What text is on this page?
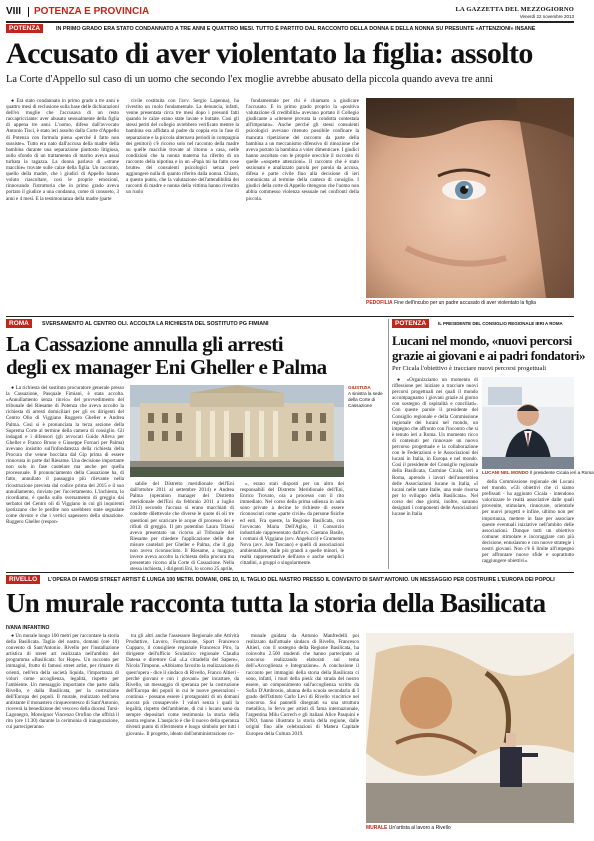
VIII POTENZA E PROVINCIA	LA GAZZETTA DEL MEZZOGIORNO
Venerdì 22 novembre 2013
POTENZA	IN PRIMO GRADO ERA STATO CONDANNATO A TRE ANNI E QUATTRO MESI. TUTTO È PARTITO DAL RACCONTO DELLA DONNA E DELLA NONNA SU PRESUNTE «ATTENZIONI» INSANE
Accusato di aver violentato la figlia: assolto
La Corte d'Appello sul caso di un uomo che secondo l'ex moglie avrebbe abusato della piccola quando aveva tre anni

● Era stato condannato in primo grado a tre anni e quattro mesi di reclusione sulla base delle dichiarazioni dell'ex moglie che l'accusava di un resto raccapricciante: aver abusato sessualmente della figlia di appena tre anni. L'uomo, difeso dall'avvocato Antonio Tisci, è stato ieri assolto dalla Corte d'Appello di Potenza con formula piena «perché il fatto non sussiste». Tutto era nato dall'accusa della madre della bambina durante una separazione piuttosto litigiosa, sullo sfondo di un trattamento di marito aveva assai turbata la ragazza. La donna parlava di «strane macchie» trovate sulle calze della figlia. Un racconto, quello della madre, che i giudici di Appello hanno voluto riascoltare, così le proprie emozioni, rinnovando l'istruttoria che in primo grado aveva portato il giudice a una condanna, come di consueto, 3 anni e 4 mesi. E la testimonianza della madre (parte

civile costituita con l'avv. Sergio Lapenna), ha rivestito un ruolo fondamentale. La denuncia, infatti, venne presentata circa tre mesi dopo i presunti fatti quando le calze erano state lavate e buttate. Così gli stessi periti del collegio avrebbero verificato mentre la bambina era affidata al padre da coppia era in fase di separazione e la piccola alternava periodi in compagnia dei genitori) c'è ricorso solo nel racconto della madre su quelle macchie trovate al ritorno a casa, nelle condizioni che la nonna materna ha riferito di un racconto della nipotina e in un «Papà mi ha fatto cose brutte» dei consulenti psicologici senza però aggiungere nulla di quanto riferito dalla nonna. Chiaro, a questo punto, che la valutazione dell'attendibilità dei racconti di madre e nonna della vittima hanno rivestito un ruolo

fondamentale per chi è chiamato a giudicare l'accusato. E in primo grado proprio la «positiva valutazione di credibilità» avevano portato il Collegio giudicante a «ritenere provata la condotta contestata all'imputato». Anche perché gli stessi consulenti psicologici avevano ritenuto possibile confinare la mancata ripetizione del racconto da parte della bambina a un meccanismo difensivo di rimozione che aveva portato la bambina a voler dimenticare. I giudici hanno ascoltato con le proprie orecchie il racconto di quelle «sospette attenzioni». Il racconto che è stato sezionato e analizzato parola per parola da accusa, difesa e parte civile fino alla decisione di ieri comunicata al termine della camera di consiglio. I giudici della corte di Appello ritengono che l'uomo non abbia commesso violenza sessuale nei confronti della piccola.

PEDOFILIA Fine dell'incubo per un padre accusato di aver violentato la figlia
ROMA	SVERSAMENTO AL CENTRO OLI. ACCOLTA LA RICHIESTA DEL SOSTITUTO PG FIMIANI
La Cassazione annulla gli arresti
degli ex manager Eni Gheller e Palma

● La richiesta del sostituto procuratore generale presso la Cassazione, Pasquale Fimiani, è stata accolta. «Annullamento senza rinvio» del provvedimento del tribunale del Riesame di Potenza che aveva accolto la richiesta di arresti domiciliari per gli ex dirigenti del Centro Olio di Viggiano Ruggero Gheller e Andrea Palma. Così si è pronunciata la terza sezione della Suprema Corte al termine della camera di consiglio. Gli indagati e i difensori (gli avvocati Guido Alleva per Gheller e Franco Bruno e Giuseppe Fornari per Palma) avevano insistito sull'infondatezza della richiesta della Procura che venne bocciata dal Gip prima di essere rinnovata in parte dal Riesame. Una decisione importante non solo in fase cautelare ma anche per quella processuale. Il pronunciamento della Cassazione ha, di fatto, annullato il passaggio più rilevante nella ricostruzione prevista dal codice prima del 2015 e il suo annullamento, rinviato per l'accertamento. L'inchiesta, lo ricordiamo, è quella sullo sversamento di greggio dai serbatoi del Centro oli di Viggiano in cui gli inquirenti ipotizzano che le perdite non sarebbero state segnalate come dovuto e che i vertici sapessero della situazione. Ruggero Gheller (respon-

sabile del Distretto meridionale dell'Eni dall'ottobre 2011 al settembre 2014) e Andrea Palma (operation manager del Distretto meridionale dell'Eni da febbraio 2011 a luglio 2013) secondo l'accusa si erano macchiati di condotte dilettevole che diverse le quote di oli tre questioni per scaricare le acque di processo dei e rifiuti di greggio. Il pm potentino Laura Triassi aveva presentato un ricorso al Tribunale del Riesame per chiedere l'applicazione delle due misure cautelari per Gheller e Palma, che il gip non aveva riconosciuto. Il Riesame, a maggio, invece aveva accolto la richiesta della procura ma presentato ricorso alla Corte di Cassazione. Nella stessa inchiesta, i dirigenti Eni, lo scorso 25 aprile,

», erano stati disposti per un altro dei responsabili del Distretto Meridionale dell'Eni, Enrico Trovato, ora a processo con il rito immediato. Nel corso della prima udienza in aula sono private a decine le richieste di essere riconosciuti come «parte civile» da persone fisiche ed enti. Fra queste, la Regione Basilicata, con l'avvocato Maria Dell'Aglio, il Consorzio industriale rappresentato dall'avv. Gaetano Basile, i comuni di Viggiano (avv. Angelucci) e Grumento Nova (avv. Jole Toscano) e quelli di associazioni ambientaliste, dalle più grandi a quelle minori, le realtà rappresentative dell'area e anche semplici cittadini, a gruppi o singolarmente.

GIUSTIZIA
A sinistra la sede della Corte di Cassazione
POTENZA	IL PRESIDENTE DEL CONSIGLIO REGIONALE IERI A ROMA
Lucani nel mondo, «nuovi percorsi
grazie ai giovani e ai padri fondatori»
Per Cicala l'obiettivo è tracciare nuovi percorsi progettuali

● «Organizziamo un momento di riflessione per iniziare a tracciare nuovi percorsi progettuali nei quali il mondo accompagnamo i giovani grazie al giorno con sostegno di ospitalità e conciliati». Con queste parole il presidente del Consiglio regionale e della Commissione regionale dei lucani nel mondo, un impegno che affronto con l'incontro che si è tenuto ieri a Roma. Un momento ricco di contenuti per rinnovare un nuovo percorso progettuale e la collaborazione con le Federazioni e le Associazioni dei lucani in Italia, in Europa e nel mondo. Così il presidente del Consiglio regionale della Basilicata, Carmine Cicala, ieri a Roma, aprendo i lavori dell'assemblea delle Associazioni lucane in Italia, «I lucani nelle tante Italie, una reale risorsa per lo sviluppo della Basilicata». Nel corso dei due giorni, inoltre, saranno designati i componenti delle Associazioni lucane in Italia

LUCANI NEL MONDO Il presidente Cicala ieri a Roma

della Commissione regionale dei Lucani nel mondo. «Gli obiettivi che ci siamo prefissati - ha aggiunto Cicala - intendono valorizzare le realtà associative dalle quali provenite, stimolare, rinnovare, orientarle per nuovi progetti e infine, ultimo non per importanza, mettere in fase per associare queste eventuali iniziative nell'ambito delle associazioni. Dunque tutti un obiettivo comune: stimolare e incoraggiare con più decisione, entusiasmo e con nuove strategie i nostri giovani. Non c'è il limite all'impegno per affrontare nuove sfide e soprattutto raggiungere obiettivi».

RIVELLO	L'OPERA DI FAMOSI STREET ARTIST È LUNGA 100 METRI. DOMANI, ORE 10, IL TAGLIO DEL NASTRO PRESSO IL CONVENTO DI SANT'ANTONIO. UN MESSAGGIO PER COSTRUIRE L'EUROPA DEI POPOLI
Un murale racconta tutta la storia della Basilicata
IVANA INFANTINO

● Un murale lungo 100 metri per raccontare la storia della Basilicata. Taglio del nastro, domani (ore 10) convento di Sant'Antonio. Rivello per l'installazione artistica di street art realizzata nell'ambito del programma «Basilicata: for Hope». Un racconto per immagini, frutto di famosi street artist, per rimarre di orienti, nell'era della società liquida, l'importanza di volori come accoglienza, legalità, rispetto per l'ambiente. Un messaggio importante che parte dalla Rivello, e dalla Basilicata, per la costruzione dell'Europa dei popoli. Il murale, realizzato nell'area antistante il monastero cinquecentesco di Sant'Antonio, riceverà la benedizione del vescovo della diocesi Tursi-Lagonegro, Monsignor Vincenzo Orofino che offrirà il rito (ore 11.30) durante la cerimonia di inaugurazione, cui parteciperanno

tra gli altri anche l'assessore Regionale alle Attività Produttive, Lavoro, Formazione, Sport Francesco Cupparo, il consigliere regionale Francesco Piro, la dirigente dell'ufficio Scolastico regionale Claudia Datena e direttore Gal «La cittadella del Sapere», Nicola Timpone. «Abbiamo favorito la realizzazione di quest'opera - dice il sindaco di Rivello, Franco Altieri - perché giovani e con i giovani» per incartare, da Rivello, un messaggio di speranza per la costruzione dell'Europa dei popoli in cui le nuove generazioni - continua - possano essere i protagonisti di un domani ancora più consapevole. I valori senza i quali la legalità, rispetto dell'ambiente, di cui i lucani sono da sempre depositari come testimonia la storia della nostra regione. L'auspicio è che il nuovo della speranza diventi punto di riferimento e luogo simbolo per tutti i giovani». Il progetto, ideato dall'amministrazione co-

munale guidata da Antonio Manfredelli poi realizzato dall'attuale sindaco di Rivello, Francesco Altieri, con il sostegno della Regione Basilicata, ha coinvolto 2.500 studenti che hanno partecipato al concorso realizzando elaborati sul tema dell'«Accoglienza e Integrazione». A conclusione il racconto per immagini della storia della Basilicata ci sono, infatti, i muri della pietà: dai strada del nostro essere, un componimento sull'accoglienza scritto da Sofia D'Ambrosio, alunna della scuola secondaria di I grado dell'Istituto Carlo Levi di Rivello vincitrice nel concorso. Sui pannelli disegnati su una struttura metallica, lo fervo per artisti di fama internazionale, l'argentina Milu Correch e gli italiani Alice Pasquini e UNO, hanno illustrato la storia della regione, dalle origini fino alle celebrazioni di Matera Capitale Europea della Cultura 2019.

MURALE Un'artista al lavoro a Rivello
